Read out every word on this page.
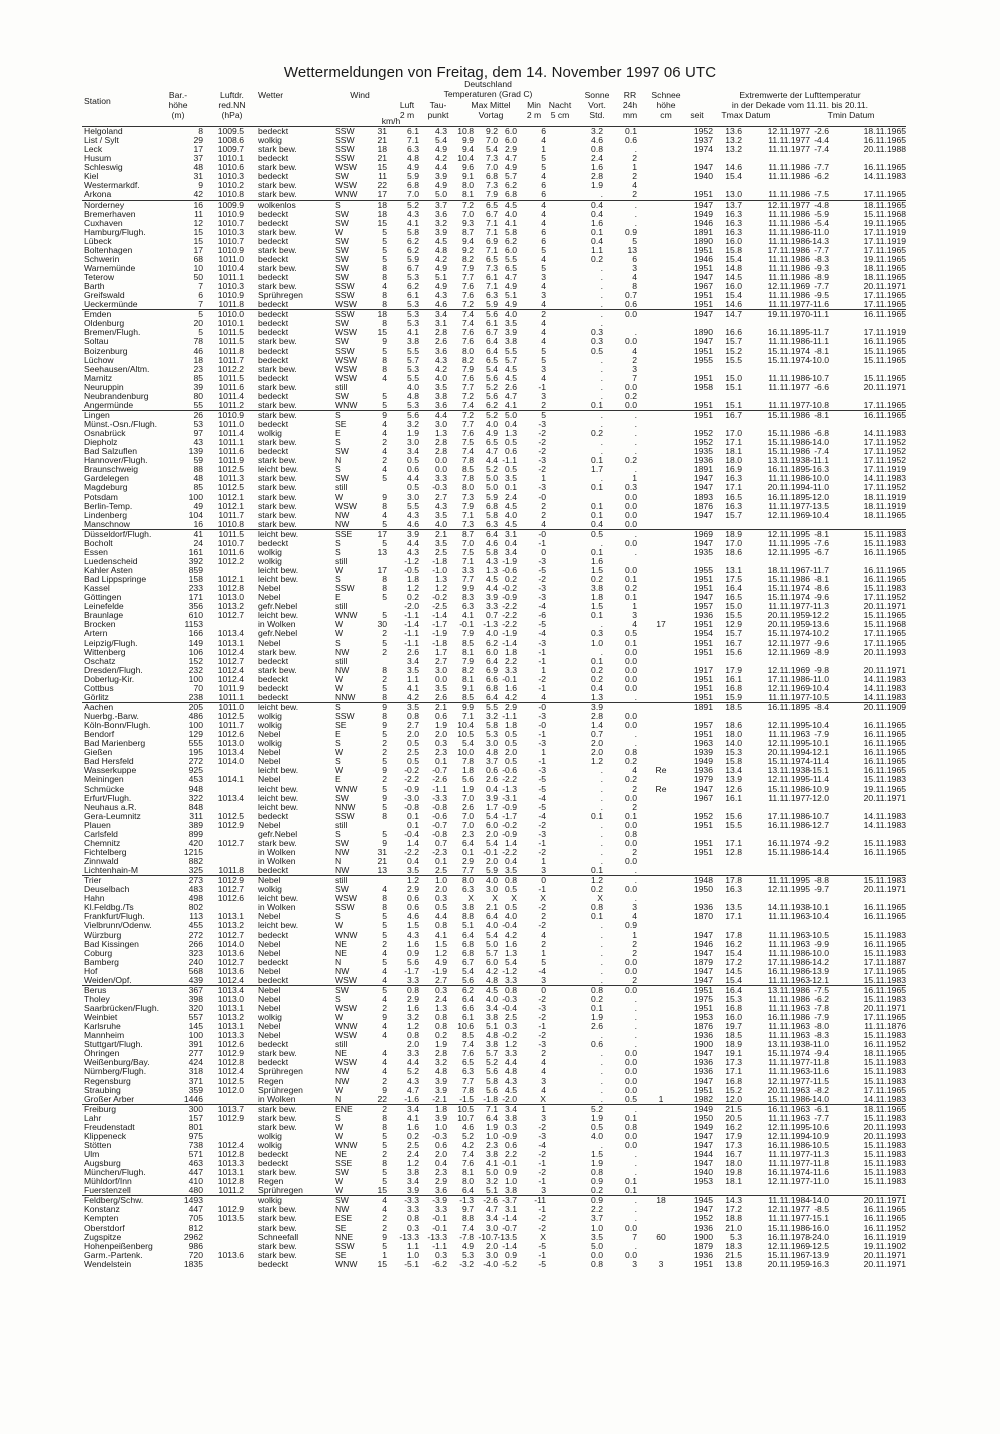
Wettermeldungen von Freitag, dem 14. November 1997 06 UTC
Station
Bar.-
höhe
(m)
Luftdr.
red.NN
(hPa)
Wetter	Wind
km/h
Deutschland
Temperaturen (Grad C)
Luft
2 m
Tau-
punkt
Max Mittel
Vortag
Min
2 m
Nacht
5 cm
Sonne
Vort.
Std.
RR
24h
mm
Schnee
höhe
cm
Extremwerte der Lufttemperatur
in der Dekade vom 11.11. bis 20.11.
seit	Tmax Datum	Tmin Datum
Helgoland	8	1009.5 bedeckt	SSW	31	6.1	4.3	10.8	9.2 6.0	6	3.2	0.1	1952	13.6	12.11.1977 -2.6	18.11.1965
List / Sylt	29	1008.6 wolkig	SSW	21	7.1	5.4	9.9	7.0 6.0	4	4.6	0.6	1937	13.2	11.11.1977 -4.4	16.11.1965
Leck	17	1009.7 stark bew.	SSW	18	6.3	4.9	9.4	5.4 2.9	1	0.8	.	1974	13.2	11.11.1977 -7.4	20.11.1988
Husum	37	1010.1 bedeckt	SSW	21	4.8	4.2	10.4	7.3 4.7	5	2.4	2
Schleswig	48	1010.6 stark bew.	WSW	15	4.9	4.4	9.6	7.0 4.9	5	1.6	1	1947	14.6	11.11.1986 -7.7	16.11.1965
Kiel	31	1010.3 bedeckt	SW	11	5.9	3.9	9.1	6.8 5.7	4	2.8	2	1940	15.4	11.11.1986 -6.2	14.11.1983
Westermarkdf.	9	1010.2 stark bew.	WSW	22	6.8	4.9	8.0	7.3 6.2	6	1.9	4
Arkona	42	1010.8 stark bew.	WNW	17	7.0	5.0	8.1	7.9 6.8	6	.	2	1951	13.0	11.11.1986 -7.5	17.11.1965
Norderney	16	1009.9 wolkenlos	S	18	5.2	3.7	7.2	6.5 4.5	4	0.4	.	1947	13.7	12.11.1977 -4.8	18.11.1965
Bremerhaven	11	1010.9 bedeckt	SW	18	4.3	3.6	7.0	6.7 4.0	4	0.4	.	1949	16.3	11.11.1986 -5.9	15.11.1968
Cuxhaven	12	1010.7 bedeckt	SW	15	4.1	3.2	9.3	7.1 4.1	4	1.6	.	1946	16.3	11.11.1986 -5.4	19.11.1965
Hamburg/Flugh.	15	1010.3 stark bew.	W	5	5.8	3.9	8.7	7.1 5.8	6	0.1	0.9	1891	16.3	11.11.1986 -11.0	17.11.1919
Lübeck	15	1010.7 bedeckt	SW	5	6.2	4.5	9.4	6.9 6.2	6	0.4	5	1890	16.0	11.11.1986 -14.3	17.11.1919
Boltenhagen	17	1010.9 stark bew.	SW	5	6.2	4.8	9.2	7.1 6.0	5	1.1	13	1951	15.8	17.11.1986 -7.7	17.11.1965
Schwerin	68	1011.0 bedeckt	SW	5	5.9	4.2	8.2	6.5 5.5	4	0.2	6	1946	15.4	11.11.1986 -8.3	19.11.1965
Warnemünde	10	1010.4 stark bew.	SW	8	6.7	4.9	7.9	7.3 6.5	5	.	3	1951	14.8	11.11.1986 -9.3	18.11.1965
Teterow	50	1011.1 bedeckt	SW	8	5.3	5.1	7.7	6.1 4.7	3	.	4	1947	14.5	11.11.1986 -8.9	18.11.1965
Barth	7	1010.3 stark bew.	SSW	4	6.2	4.9	7.6	7.1 4.9	4	.	8	1967	16.0	12.11.1969 -7.7	20.11.1971
Greifswald	6	1010.9 Sprühregen	SSW	8	6.1	4.3	7.6	6.3 5.1	3	.	0.7	1951	15.4	11.11.1986 -9.5	17.11.1965
Ueckermünde	7	1011.8 bedeckt	WSW	8	5.3	4.6	7.2	5.9 4.9	4	.	0.6	1951	14.6	11.11.1977 -11.6	17.11.1965
Emden	5	1010.0 bedeckt	SSW	18	5.3	3.4	7.4	5.6 4.0	2	.	0.0	1947	14.7	19.11.1970 -11.1	16.11.1965
Oldenburg	20	1010.1 bedeckt	SW	8	5.3	3.1	7.4	6.1 3.5	4	.
Bremen/Flugh.	5	1011.5 bedeckt	WSW	15	4.1	2.8	7.6	6.7 3.9	4	0.3	.	1890	16.6	16.11.1895 -11.7	17.11.1919
Soltau	78	1011.5 stark bew.	SW	9	3.8	2.6	7.6	6.4 3.8	4	0.3	0.0	1947	15.7	11.11.1986 -11.1	16.11.1965
Boizenburg	46	1011.8 bedeckt	SSW	5	5.5	3.6	8.0	6.4 5.5	5	0.5	4	1951	15.2	15.11.1974 -8.1	15.11.1965
Lüchow	18	1011.7 bedeckt	WSW	8	5.7	4.3	8.2	6.5 5.7	5	.	2	1955	15.5	15.11.1974 -10.0	15.11.1965
Seehausen/Altm.	23	1012.2 stark bew.	WSW	8	5.3	4.2	7.9	5.4 4.5	3	.	3
Marnitz	85	1011.5 bedeckt	WSW	4	5.5	4.0	7.6	5.6 4.5	4	.	7	1951	15.0	11.11.1986 -10.7	15.11.1965
Neuruppin	39	1011.6 stark bew.	still	4.0	3.5	7.7	5.2 2.6	-1	.	0.0	1958	15.1	11.11.1977 -6.6	20.11.1971
Neubrandenburg	80	1011.4 bedeckt	SW	5	4.8	3.8	7.2	5.6 4.7	3	.	0.2
Angermünde	55	1011.2 stark bew.	WNW	5	5.3	3.6	7.4	6.2 4.1	2	0.1	0.0	1951	15.1	11.11.1977 -10.8	17.11.1965
Lingen	26	1010.9 stark bew.	S	9	5.6	4.4	7.2	5.2 5.0	5	.	.	1951	16.7	15.11.1986 -8.1	16.11.1965
Münst.-Osn./Flugh.	53	1011.0 bedeckt	SE	4	3.2	3.0	7.7	4.0 0.4	-3	.	.
Osnabrück	97	1011.4 wolkig	E	4	1.9	1.3	7.6	4.9 1.3	-2	0.2	.	1952	17.0	15.11.1986 -6.8	14.11.1983
Diepholz	43	1011.1 stark bew.	S	2	3.0	2.8	7.5	6.5 0.5	-2	.	.	1952	17.1	15.11.1986 -14.0	17.11.1952
Bad Salzuflen	139	1011.6 bedeckt	SW	4	3.4	2.8	7.4	4.7 0.6	-2	.	.	1935	18.1	15.11.1986 -7.4	17.11.1952
Hannover/Flugh.	59	1011.9 stark bew.	N	2	0.5	0.0	7.8	4.4 -1.1	-3	0.1	0.2	1936	18.0	13.11.1938 -11.1	17.11.1952
Braunschweig	88	1012.5 leicht bew.	S	4	0.6	0.0	8.5	5.2 0.5	-2	1.7	.	1891	16.9	16.11.1895 -16.3	17.11.1919
Gardelegen	48	1011.3 stark bew.	SW	5	4.4	3.3	7.8	5.0 3.5	1	.	1	1947	16.3	11.11.1986 -10.0	14.11.1983
Magdeburg	85	1012.5 stark bew.	still	0.5	-0.3	8.0	5.0 0.1	-3	0.1	0.3	1947	17.1	20.11.1994 -11.0	17.11.1952
Potsdam	100	1012.1 stark bew.	W	9	3.0	2.7	7.3	5.9 2.4	-0	0.0	1893	16.5	16.11.1895 -12.0	18.11.1919
Berlin-Temp.	49	1012.1 stark bew.	WSW	8	5.5	4.3	7.9	6.8 4.5	2	0.1	0.0	1876	16.3	11.11.1977 -13.5	18.11.1919
Lindenberg	104	1011.7 stark bew.	NW	4	4.3	3.5	7.1	5.8 4.0	2	0.1	0.0	1947	15.7	12.11.1969 -10.4	18.11.1965
Manschnow	16	1010.8 stark bew.	NW	5	4.6	4.0	7.3	6.3 4.5	4	0.4	0.0
Düsseldorf/Flugh.	41	1011.5 leicht bew.	SSE	17	3.9	2.1	8.7	6.4 3.1	-0	0.5	.	1969	18.9	12.11.1995 -8.1	15.11.1983
Bocholt	24	1010.7 bedeckt	S	5	4.4	3.5	7.0	4.6 0.4	-1	.	0.0	1947	17.0	11.11.1995 -7.6	15.11.1983
Essen	161	1011.6 wolkig	S	13	4.3	2.5	7.5	5.8 3.4	0	0.1	.	1935	18.6	12.11.1995 -6.7	16.11.1965
Luedenscheid	392	1012.2 wolkig	still	-1.2	-1.8	7.1	4.3 -1.9	-3	1.6
Kahler Asten	859	leicht bew.	W	17	-0.5	-1.0	3.3	1.3 -0.6	-5	1.5	0.0	1955	13.1	18.11.1967 -11.7	16.11.1965
Bad Lippspringe	158	1012.1 leicht bew.	S	8	1.8	1.3	7.7	4.5 0.2	-2	0.2	0.1	1951	17.5	15.11.1986 -8.1	16.11.1965
Kassel	233	1012.8 Nebel	SSW	8	1.2	1.2	9.9	4.4 -0.2	-3	3.8	0.2	1951	16.4	15.11.1974 -8.6	15.11.1983
Göttingen	171	1013.0 Nebel	E	5	0.2	-0.2	8.3	3.9 -0.9	-3	1.8	0.1	1947	16.5	15.11.1974 -9.6	17.11.1952
Leinefelde	356	1013.2 gefr.Nebel	still	-2.0	-2.5	6.3	3.3 -2.2	-4	1.5	1	1957	15.0	11.11.1977 -11.3	20.11.1971
Braunlage	610	1012.7 leicht bew.	WNW	5	-1.1	-1.4	4.1	0.7 -2.2	-6	0.1	3	1936	15.5	20.11.1959 -12.2	15.11.1965
Brocken	1153	in Wolken	W	30	-1.4	-1.7	-0.1	-1.3 -2.2	-5	.	4	17	1951	12.9	20.11.1959 -13.6	15.11.1968
Artern	166	1013.4 gefr.Nebel	W	2	-1.1	-1.9	7.9	4.0 -1.9	-4	0.3	0.5	1954	15.7	15.11.1974 -10.2	17.11.1965
Leipzig/Flugh.	149	1013.1 Nebel	S	5	-1.1	-1.8	8.5	6.2 -1.4	-3	1.0	0.1	1951	16.7	12.11.1977 -9.6	17.11.1965
Wittenberg	106	1012.4 stark bew.	NW	2	2.6	1.7	8.1	6.0 1.8	-1	.	0.0	1951	15.6	12.11.1969 -8.9	20.11.1993
Oschatz	152	1012.7 bedeckt	still	3.4	2.7	7.9	6.4 2.2	-1	0.1	0.0
Dresden/Flugh.	232	1012.4 stark bew.	NW	8	3.5	3.0	8.2	6.9 3.3	1	0.2	0.0	1917	17.9	12.11.1969 -9.8	20.11.1971
Doberlug-Kir.	100	1012.4 bedeckt	W	2	1.1	0.0	8.1	6.6 -0.1	-2	0.2	0.0	1951	16.1	17.11.1986 -11.0	14.11.1983
Cottbus	70	1011.9 bedeckt	W	5	4.1	3.5	9.1	6.8 1.6	-1	0.4	0.0	1951	16.8	12.11.1969 -10.4	14.11.1983
Görlitz	238	1011.1 bedeckt	NNW	8	4.2	2.6	8.5	6.4 4.2	4	1.3	.	1951	15.9	11.11.1977 -10.5	14.11.1983
Aachen	205	1011.0 leicht bew.	S	9	3.5	2.1	9.9	5.5 2.9	-0	3.9	1891	18.5	16.11.1895 -8.4	20.11.1909
Nuerbg.-Barw.	486	1012.5 wolkig	SSW	8	0.8	0.6	7.1	3.2 -1.1	-3	2.8	0.0
Köln-Bonn/Flugh.	100	1011.7 wolkig	SE	9	2.7	1.9	10.4	5.8 1.8	-0	1.4	0.0	1957	18.6	12.11.1995 -10.4	16.11.1965
Bendorf	129	1012.6 Nebel	E	5	2.0	2.0	10.5	5.3 0.5	-1	0.7	.	1951	18.0	11.11.1963 -7.9	16.11.1965
Bad Marienberg	555	1013.0 wolkig	S	2	0.5	0.3	5.4	3.0 0.5	-3	2.0	.	1963	14.0	12.11.1995 -10.1	16.11.1965
Gießen	195	1013.4 Nebel	W	2	2.5	2.3	10.0	4.8 2.0	1	2.0	0.8	1939	15.3	20.11.1994 -12.1	16.11.1965
Bad Hersfeld	272	1014.0 Nebel	S	5	0.5	0.1	7.8	3.7 0.5	-1	1.2	0.2	1949	15.8	15.11.1974 -11.4	16.11.1965
Wasserkuppe	925	leicht bew.	W	9	-0.2	-0.7	1.8	0.6 -0.6	-3	.	4	Re	1936	13.4	13.11.1938 -15.1	16.11.1965
Meiningen	453	1014.1 Nebel	E	2	-2.2	-2.6	5.6	2.6 -2.2	-5	.	0.2	1979	13.9	12.11.1995 -11.4	15.11.1983
Schmücke	948	leicht bew.	WNW	5	-0.9	-1.1	1.9	0.4 -1.3	-5	.	2	Re	1947	12.6	15.11.1986 -10.9	19.11.1965
Erfurt/Flugh.	322	1013.4 leicht bew.	SW	9	-3.0	-3.3	7.0	3.9 -3.1	-4	.	0.0	1967	16.1	11.11.1977 -12.0	20.11.1971
Neuhaus a.R.	848	leicht bew.	NNW	5	-0.8	-0.8	2.6	1.7 -0.9	-5	.	2
Gera-Leumnitz	311	1012.5 bedeckt	SSW	8	0.1	-0.6	7.0	5.4 -1.7	-4	0.1	0.1	1952	15.6	17.11.1986 -10.7	14.11.1983
Plauen	389	1012.9 Nebel	still	0.1	-0.7	7.0	6.0 -0.2	-2	.	0.0	1951	15.5	16.11.1986 -12.7	14.11.1983
Carlsfeld	899	gefr.Nebel	S	5	-0.4	-0.8	2.3	2.0 -0.9	-3	.	0.8
Chemnitz	420	1012.7 stark bew.	SW	9	1.4	0.7	6.4	5.4 1.4	-1	.	0.0	1951	17.1	16.11.1974 -9.2	15.11.1983
Fichtelberg	1215	in Wolken	NW	31	-2.2	-2.3	0.1	-0.1 -2.2	-2	.	2	1951	12.8	15.11.1986 -14.4	16.11.1965
Zinnwald	882	in Wolken	N	21	0.4	0.1	2.9	2.0 0.4	1	.	0.0
Lichtenhain-M	325	1011.8 bedeckt	NW	13	3.5	2.5	7.7	5.9 3.5	3	0.1	.
Trier	273	1012.9 Nebel	still	1.2	1.0	8.0	4.0 0.8	0	1.2	.	1948	17.8	11.11.1995 -8.8	15.11.1983
Deuselbach	483	1012.7 wolkig	SW	4	2.9	2.0	6.3	3.0 0.5	-1	0.2	0.0	1950	16.3	12.11.1995 -9.7	20.11.1971
Hahn	498	1012.6 leicht bew.	WSW	8	0.6	0.3	X	X	X	X	X	.
Kl.Feldbg./Ts	802	in Wolken	SSW	8	0.6	0.5	3.8	2.1 0.5	-2	0.8	3	1936	13.5	14.11.1938 -10.1	16.11.1965
Frankfurt/Flugh.	113	1013.1 Nebel	S	5	4.6	4.4	8.8	6.4 4.0	2	0.1	4	1870	17.1	11.11.1963 -10.4	16.11.1965
Vielbrunn/Odenw.	455	1013.2 leicht bew.	W	5	1.5	0.8	5.1	4.0 -0.4	-2	.	0.9
Würzburg	272	1012.7 bedeckt	WNW	5	4.3	4.1	6.4	5.4 4.2	4	.	1	1947	17.8	11.11.1963 -10.5	15.11.1983
Bad Kissingen	266	1014.0 Nebel	NE	2	1.6	1.5	6.8	5.0 1.6	2	.	2	1946	16.2	11.11.1963 -9.9	16.11.1965
Coburg	323	1013.6 Nebel	NE	4	0.9	1.2	6.8	5.7 1.3	1	.	2	1947	15.4	11.11.1986 -10.0	15.11.1983
Bamberg	240	1012.7 bedeckt	N	5	5.6	4.9	6.7	6.0 5.4	5	.	0.0	1879	17.2	17.11.1986 -14.2	17.11.1887
Hof	568	1013.6 Nebel	NW	4	-1.7	-1.9	5.4	4.2 -1.2	-4	.	0.0	1947	14.5	16.11.1986 -13.9	17.11.1965
Weiden/Opf.	439	1012.4 bedeckt	WSW	4	3.3	2.7	5.6	4.8 3.3	3	.	2	1947	15.4	11.11.1963 -12.1	15.11.1983
Berus	367	1013.4 Nebel	SW	5	0.8	0.3	6.2	4.5 0.8	0	0.8	0.0	1951	16.4	13.11.1986 -7.5	16.11.1965
Tholey	398	1013.0 Nebel	S	4	2.9	2.4	6.4	4.0 -0.3	-2	0.2	.	1975	15.3	11.11.1986 -6.2	15.11.1983
Saarbrücken/Flugh.	320	1013.1 Nebel	WSW	2	1.6	1.3	6.6	3.4 -0.4	-3	0.1	.	1951	16.8	11.11.1963 -7.8	20.11.1971
Weinbiet	557	1013.2 wolkig	W	9	3.2	0.8	6.1	3.8 2.5	-2	1.9	.	1953	16.0	16.11.1986 -7.9	17.11.1965
Karlsruhe	145	1013.1 Nebel	WNW	4	1.2	0.8	10.6	5.1 0.3	-1	2.6	.	1876	19.7	11.11.1963 -8.0	11.11.1876
Mannheim	100	1013.3 Nebel	WSW	4	0.8	0.2	8.5	4.8 -0.2	-2	.	.	1936	18.5	11.11.1963 -8.3	15.11.1983
Stuttgart/Flugh.	391	1012.6 bedeckt	still	2.0	1.9	7.4	3.8 1.2	-3	0.6	.	1900	18.9	13.11.1938 -11.0	16.11.1952
Öhringen	277	1012.9 stark bew.	NE	4	3.3	2.8	7.6	5.7 3.3	2	.	0.0	1947	19.1	15.11.1974 -9.4	18.11.1965
Weißenburg/Bay.	424	1012.8 bedeckt	WSW	4	4.4	3.2	6.5	5.2 4.4	4	.	0.0	1936	17.3	11.11.1977 -11.8	15.11.1983
Nürnberg/Flugh.	318	1012.4 Sprühregen	NW	4	5.2	4.8	6.3	5.6 4.8	4	.	0.0	1936	17.1	11.11.1963 -11.6	15.11.1983
Regensburg	371	1012.5 Regen	NW	2	4.3	3.9	7.7	5.8 4.3	3	.	0.0	1947	16.8	12.11.1977 -11.5	15.11.1983
Straubing	359	1012.0 Sprühregen	W	9	4.7	3.9	7.8	5.6 4.5	4	.	0.0	1951	15.2	20.11.1963 -8.2	17.11.1965
Großer Arber	1446	in Wolken	N	22	-1.6	-2.1	-1.5	-1.8 -2.0	X	.	0.5	1	1982	12.0	15.11.1986 -14.0	14.11.1983
Freiburg	300	1013.7 stark bew.	ENE	2	3.4	1.8	10.5	7.1 3.4	1	5.2	.	1949	21.5	16.11.1963 -6.1	18.11.1965
Lahr	157	1012.9 stark bew.	S	8	4.1	3.9	10.7	6.4 3.8	3	1.9	0.1	1950	20.5	11.11.1963 -7.7	15.11.1983
Freudenstadt	801	stark bew.	W	8	1.6	1.0	4.6	1.9 0.3	-2	0.5	0.8	1949	16.2	12.11.1995 -10.6	20.11.1993
Klippeneck	975	wolkig	W	5	0.2	-0.3	5.2	1.0 -0.9	-3	4.0	0.0	1947	17.9	12.11.1994 -10.9	20.11.1993
Stötten	738	1012.4 wolkig	WNW	5	2.5	0.6	4.2	2.3 0.6	-4	.	0.0	1947	17.3	16.11.1986 -10.5	15.11.1983
Ulm	571	1012.8 bedeckt	NE	2	2.4	2.0	7.4	3.8 2.2	-2	1.5	.	1944	16.7	11.11.1977 -11.3	15.11.1983
Augsburg	463	1013.3 bedeckt	SSE	8	1.2	0.4	7.6	4.1 -0.1	-1	1.9	.	1947	18.0	11.11.1977 -11.8	15.11.1983
München/Flugh.	447	1013.1 stark bew.	SW	5	3.8	2.3	8.1	5.0 0.9	-2	0.8	.	1940	19.8	16.11.1974 -11.6	15.11.1983
Mühldorf/Inn	410	1012.8 Regen	W	5	3.4	2.9	8.0	3.2 1.0	-1	0.9	0.1	1953	18.1	12.11.1977 -11.0	15.11.1983
Fuerstenzell	480	1011.2 Sprühregen	W	15	3.9	3.6	6.4	5.1 3.8	3	0.2	0.1
Feldberg/Schw.	1493	wolkig	SW	4	-3.3	-3.9	-1.3	-2.6 -3.7	-11	0.9	.	18	1945	14.3	11.11.1984 -14.0	20.11.1971
Konstanz	447	1012.9 stark bew.	NW	4	3.3	3.3	9.7	4.7 3.1	-1	2.2	.	1947	17.2	12.11.1977 -8.5	16.11.1965
Kempten	705	1013.5 stark bew.	ESE	2	0.8	-0.1	8.8	3.4 -1.4	-2	3.7	.	1952	18.8	11.11.1977 -15.1	16.11.1965
Oberstdorf	812	stark bew.	SE	2	0.3	-0.1	7.4	3.0 -0.7	-2	1.0	0.0	1936	21.0	15.11.1986 -16.0	16.11.1952
Zugspitze	2962	Schneefall	NNE	9	-13.3 -13.3	-7.8 -10.7 -13.5	X	3.5	7	60	1900	5.3	16.11.1978 -24.0	16.11.1919
Hohenpeißenberg	986	stark bew.	SSW	5	1.1	-1.1	4.9	2.0 -1.4	-5	5.0	.	1879	18.3	12.11.1969 -12.5	19.11.1902
Garm.-Partenk.	720	1013.6 stark bew.	SE	1	1.0	0.3	5.3	3.0 0.9	-1	0.0	0.0	1936	21.5	15.11.1967 -13.9	20.11.1971
Wendelstein	1835	bedeckt	WNW	15	-5.1	-6.2	-3.2	-4.0 -5.2	-5	0.8	3	3	1951	13.8	20.11.1959 -16.3	20.11.1971
